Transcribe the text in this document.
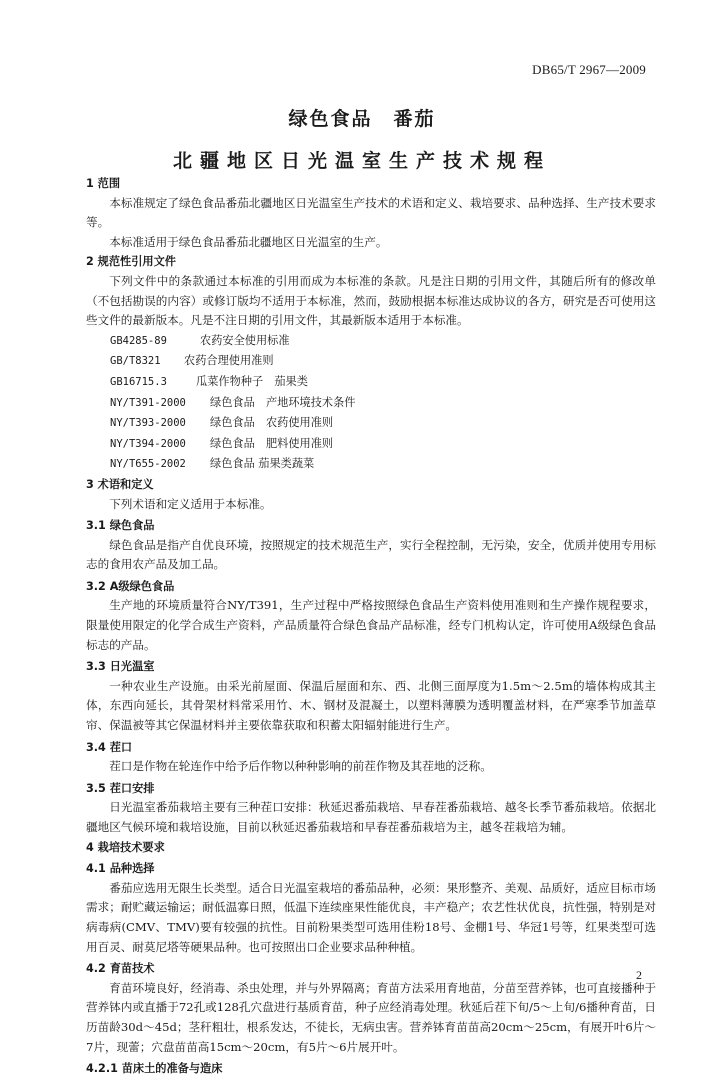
DB65/T 2967—2009
绿色食品　番茄
北疆地区日光温室生产技术规程
1 范围

本标准规定了绿色食品番茄北疆地区日光温室生产技术的术语和定义、栽培要求、品种选择、生产技术要求等。

本标准适用于绿色食品番茄北疆地区日光温室的生产。

2 规范性引用文件

下列文件中的条款通过本标准的引用而成为本标准的条款。凡是注日期的引用文件，其随后所有的修改单（不包括勘误的内容）或修订版均不适用于本标准，然而，鼓励根据本标准达成协议的各方，研究是否可使用这些文件的最新版本。凡是不注日期的引用文件，其最新版本适用于本标准。

GB4285-89	农药安全使用标准

GB/T8321 农药合理使用准则

GB16715.3	瓜菜作物种子　茄果类

NY/T391-2000 绿色食品　产地环境技术条件

NY/T393-2000 绿色食品　农药使用准则

NY/T394-2000 绿色食品　肥料使用准则

NY/T655-2002 绿色食品 茄果类蔬菜

3 术语和定义

下列术语和定义适用于本标准。

3.1 绿色食品

绿色食品是指产自优良环境，按照规定的技术规范生产，实行全程控制，无污染，安全，优质并使用专用标志的食用农产品及加工品。

3.2 A级绿色食品

生产地的环境质量符合NY/T391，生产过程中严格按照绿色食品生产资料使用准则和生产操作规程要求，限量使用限定的化学合成生产资料，产品质量符合绿色食品产品标准，经专门机构认定，许可使用A级绿色食品标志的产品。

3.3 日光温室

一种农业生产设施。由采光前屋面、保温后屋面和东、西、北侧三面厚度为1.5m～2.5m的墙体构成其主体，东西向延长，其骨架材料常采用竹、木、钢材及混凝土，以塑料薄膜为透明覆盖材料，在严寒季节加盖草帘、保温被等其它保温材料并主要依靠获取和积蓄太阳辐射能进行生产。

3.4 茬口

茬口是作物在轮连作中给予后作物以种种影响的前茬作物及其茬地的泛称。

3.5 茬口安排

日光温室番茄栽培主要有三种茬口安排：秋延迟番茄栽培、早春茬番茄栽培、越冬长季节番茄栽培。依据北疆地区气候环境和栽培设施，目前以秋延迟番茄栽培和早春茬番茄栽培为主，越冬茬栽培为辅。

4 栽培技术要求
4.1 品种选择

番茄应选用无限生长类型。适合日光温室栽培的番茄品种，必须：果形整齐、美观、品质好，适应目标市场需求；耐贮藏运输运；耐低温寡日照，低温下连续座果性能优良，丰产稳产；农艺性状优良，抗性强，特别是对病毒病(CMV、TMV)要有较强的抗性。目前粉果类型可选用佳粉18号、金棚1号、华冠1号等，红果类型可选用百灵、耐莫尼塔等硬果品种。也可按照出口企业要求品种种植。

4.2 育苗技术

育苗环境良好，经消毒、杀虫处理，并与外界隔离；育苗方法采用育地苗，分苗至营养钵，也可直接播种于营养钵内或直播于72孔或128孔穴盘进行基质育苗，种子应经消毒处理。秋延后茬下旬/5～上旬/6播种育苗，日历苗龄30d～45d；茎秆粗壮，根系发达，不徒长，无病虫害。营养钵育苗苗高20cm～25cm，有展开叶6片～7片，现蕾；穴盘苗苗高15cm～20cm，有5片～6片展开叶。

4.2.1 苗床土的准备与造床
2
